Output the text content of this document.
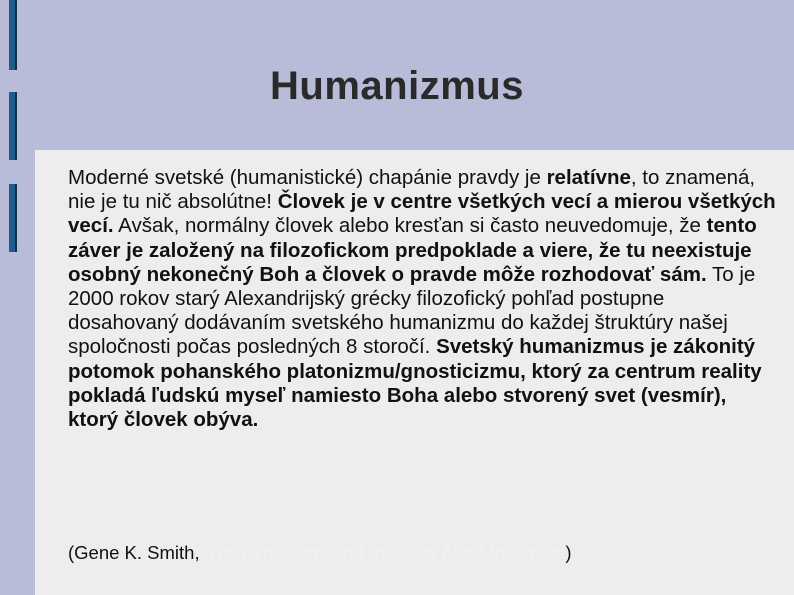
Humanizmus
Moderné svetské (humanistické) chapánie pravdy je relatívne, to znamená, nie je tu nič absolútne! Človek je v centre všetkých vecí a mierou všetkých vecí. Avšak, normálny človek alebo kresťan si často neuvedomuje, že tento záver je založený na filozofickom predpoklade a viere, že tu neexistuje osobný nekonečný Boh a človek o pravde môže rozhodovať sám. To je 2000 rokov starý Alexandrijský grécky filozofický pohľad postupne dosahovaný dodávaním svetského humanizmu do každej štruktúry našej spoločnosti počas posledných 8 storočí. Svetský humanizmus je zákonitý potomok pohanského platonizmu/gnosticizmu, ktorý za centrum reality pokladá ľudskú myseľ namiesto Boha alebo stvorený svet (vesmír), ktorý človek obýva.
(Gene K. Smith,  New Theology and the New Age Movement)
